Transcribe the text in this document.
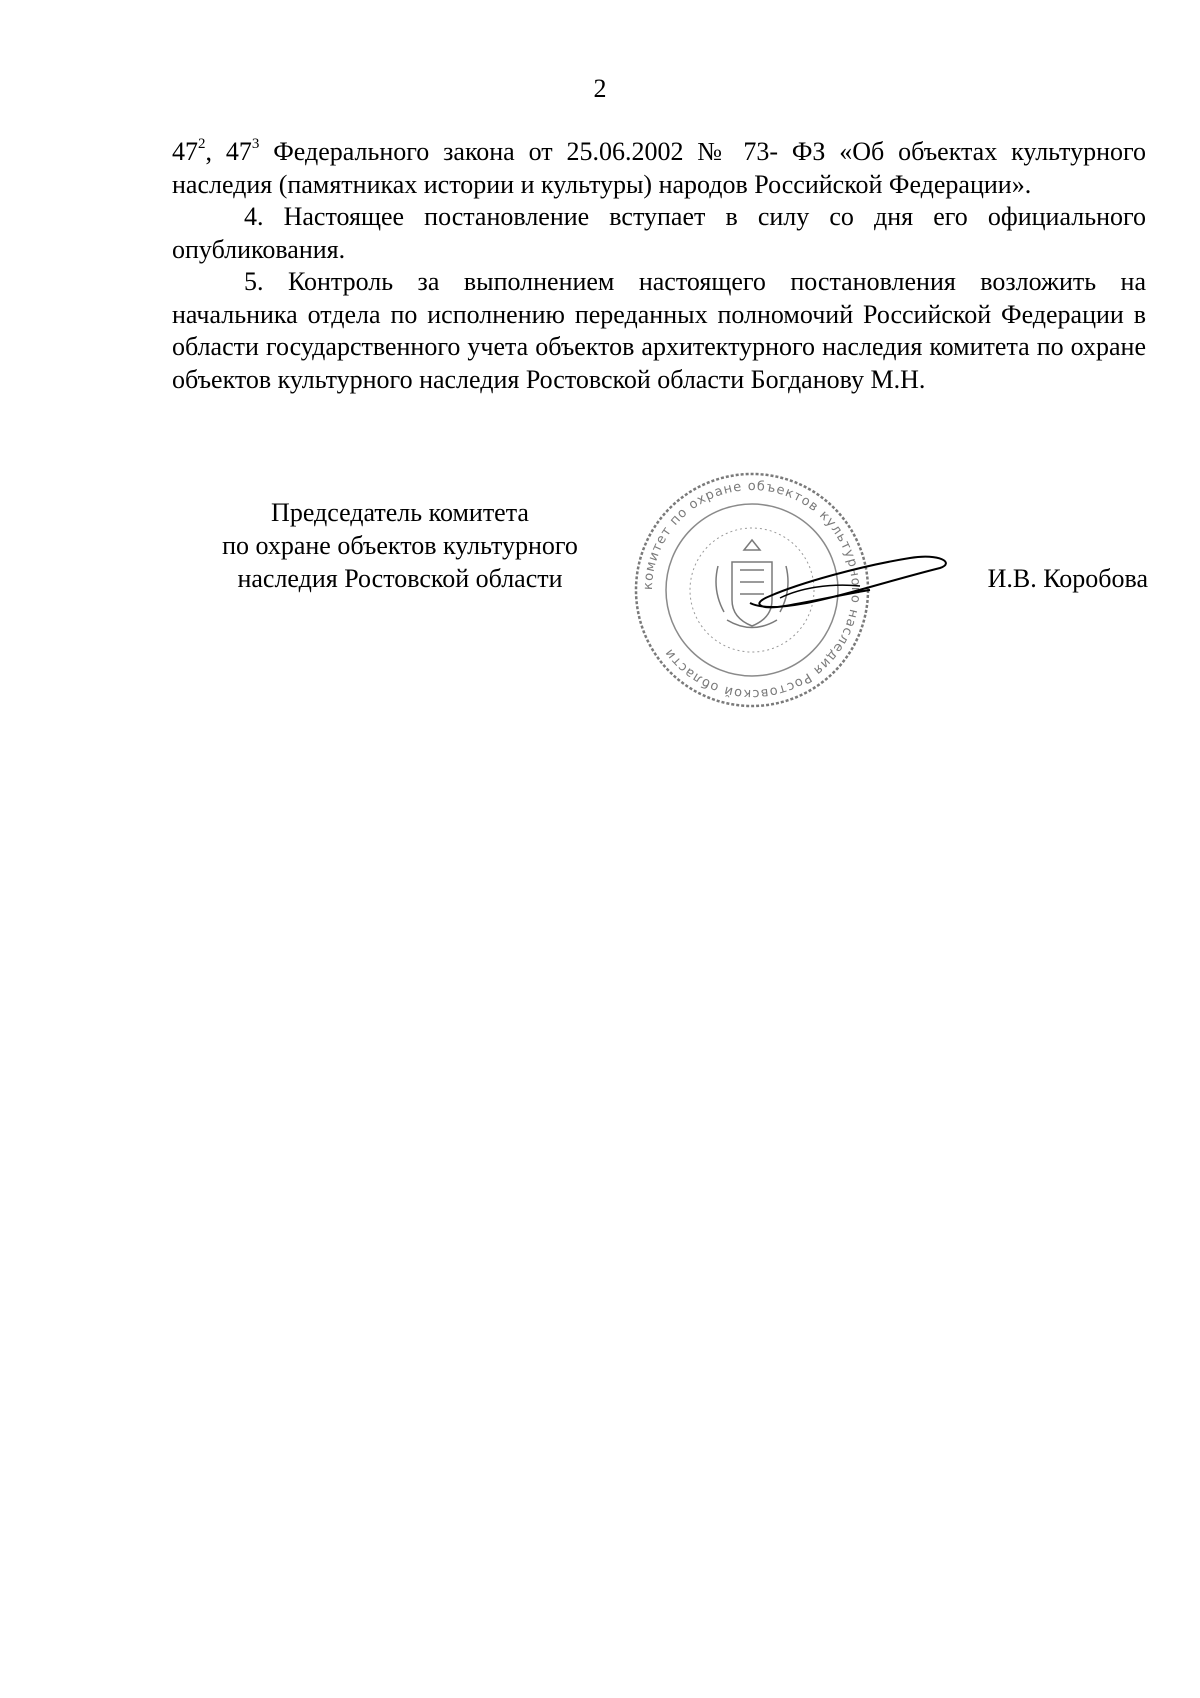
2

$47^2$, $47^3$ Федерального закона от 25.06.2002 № 73- ФЗ «Об объектах культурного наследия (памятниках истории и культуры) народов Российской Федерации».

4. Настоящее постановление вступает в силу со дня его официального опубликования.

5. Контроль за выполнением настоящего постановления возложить на начальника отдела по исполнению переданных полномочий Российской Федерации в области государственного учета объектов архитектурного наследия комитета по охране объектов культурного наследия Ростовской области Богданову М.Н.

Председатель комитета
по охране объектов культурного
наследия Ростовской области	комитет по охране объектов культурного наследия Ростовской области
И.В. Коробова
